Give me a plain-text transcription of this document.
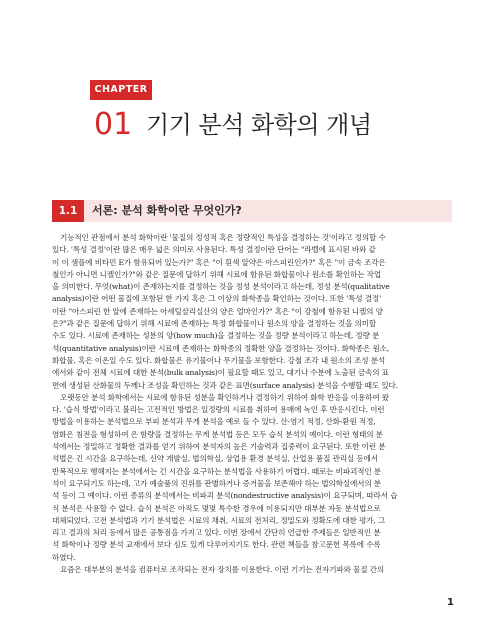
CHAPTER
01 기기 분석 화학의 개념
1.1	서론: 분석 화학이란 무엇인가?
기능적인 관점에서 분석 화학이란 '물질의 정성적 혹은 정량적인 특성을 결정하는 것'이라고 정의할 수
있다. '특성 결정'이란 많은 매우 넓은 의미로 사용된다. 특성 결정이란 단어는 "라벨에 표시된 바와 같
이 이 샘플에 비타민 E가 함유되어 있는가?" 혹은 "이 흰색 알약은 아스피린인가?" 혹은 "이 금속 조각은
철인가 아니면 니켈인가?"와 같은 질문에 답하기 위해 시료에 함유된 화합물이나 원소를 확인하는 작업
을 의미한다. 무엇(what)이 존재하는지를 결정하는 것을 정성 분석이라고 하는데, 정성 분석(qualitative
analysis)이란 어떤 물질에 포함된 한 가지 혹은 그 이상의 화학종을 확인하는 것이다. 또한 '특성 결정'
이란 "아스피린 한 알에 존재하는 아세틸살리실산의 양은 얼마인가?" 혹은 "이 강철에 함유된 니켈의 양
은?"과 같은 질문에 답하기 위해 시료에 존재하는 특정 화합물이나 원소의 양을 결정하는 것을 의미할
수도 있다. 시료에 존재하는 성분의 양(how much)을 결정하는 것을 정량 분석이라고 하는데, 정량 분
석(quantitative analysis)이란 시료에 존재하는 화학종의 정확한 양을 결정하는 것이다. 화학종은 원소,
화합물, 혹은 이온일 수도 있다. 화합물은 유기물이나 무기물을 포함한다. 강철 조각 내 원소의 조성 분석
에서와 같이 전체 시료에 대한 분석(bulk analysis)이 필요할 때도 있고, 대기나 수분에 노출된 금속의 표
면에 생성된 산화물의 두께나 조성을 확인하는 것과 같은 표면(surface analysis) 분석을 수행할 때도 있다.
오랫동안 분석 화학에서는 시료에 함유된 성분을 확인하거나 결정하기 위하여 화학 반응을 이용하여 왔
다. '습식 방법'이라고 불리는 고전적인 방법은 일정량의 시료를 취하여 용매에 녹인 후 반응시킨다. 이런
방법을 이용하는 분석법으로 부피 분석과 무게 분석을 예로 들 수 있다. 산-염기 적정, 산화-환원 적정,
염화은 침전을 형성하여 은 함량을 결정하는 무게 분석법 등은 모두 습식 분석의 예이다. 이런 형태의 분
석에서는 정밀하고 정확한 결과를 얻기 위하여 분석자의 높은 기술력과 집중력이 요구된다. 또한 이런 분
석법은 긴 시간을 요구하는데, 신약 개발실, 법의학실, 상업용 환경 분석실, 산업용 품질 관리실 등에서
반복적으로 행해지는 분석에서는 긴 시간을 요구하는 분석법을 사용하기 어렵다. 때로는 비파괴적인 분
석이 요구되기도 하는데, 고가 예술품의 진위를 판별하거나 증거물을 보존해야 하는 법의학실에서의 분
석 등이 그 예이다. 이런 종류의 분석에서는 비파괴 분석(nondestructive analysis)이 요구되며, 따라서 습
식 분석은 사용할 수 없다. 습식 분석은 아직도 몇몇 특수한 경우에 이용되지만 대부분 자동 분석법으로
대체되었다. 고전 분석법과 기기 분석법은 시료의 채취, 시료의 전처리, 정밀도와 정확도에 대한 평가, 그
리고 결과의 처리 등에서 많은 공통점을 가지고 있다. 이번 장에서 간단히 언급한 주제들은 일반적인 분
석 화학이나 정량 분석 교재에서 보다 심도 있게 다루어지기도 한다. 관련 책들을 참고문헌 목록에 수록
하였다.
요즘은 대부분의 분석을 컴퓨터로 조작되는 전자 장치를 이용한다. 이런 기기는 전자기파와 물질 간의
1
